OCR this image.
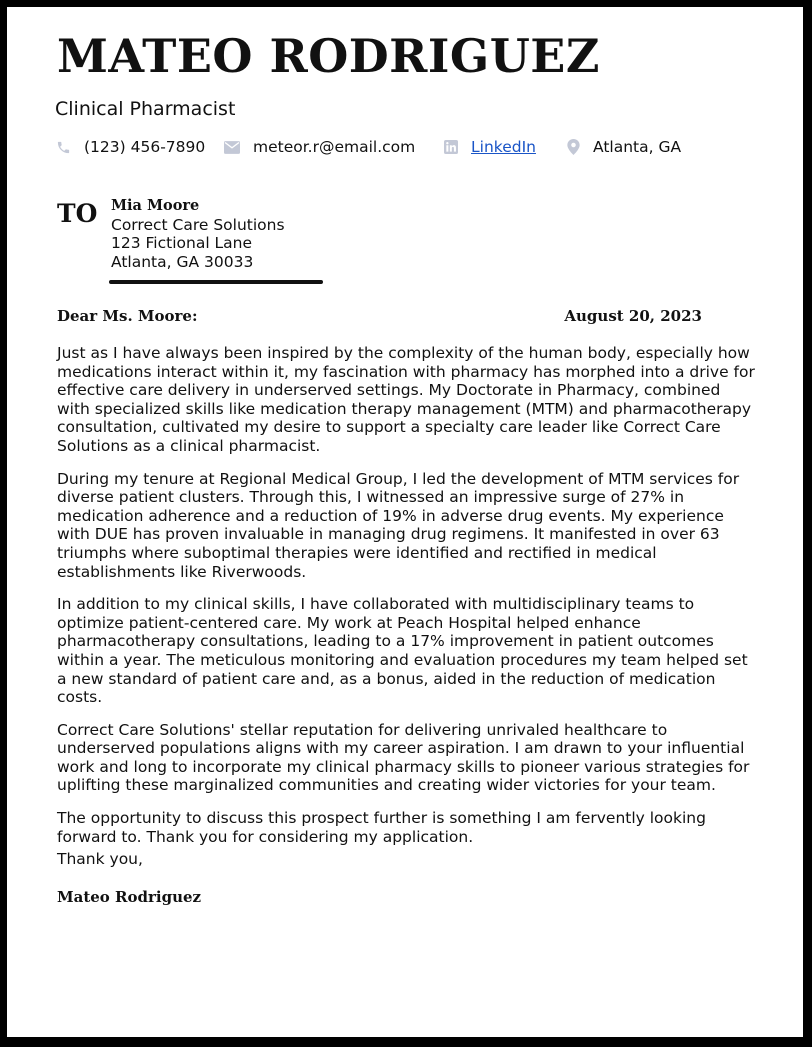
MATEO RODRIGUEZ
Clinical Pharmacist
(123) 456-7890	meteor.r@email.com	LinkedIn	Atlanta, GA
TO Mia Moore
Correct Care Solutions
123 Fictional Lane
Atlanta, GA 30033
Dear Ms. Moore:	August 20, 2023

Just as I have always been inspired by the complexity of the human body, especially how medications interact within it, my fascination with pharmacy has morphed into a drive for effective care delivery in underserved settings. My Doctorate in Pharmacy, combined with specialized skills like medication therapy management (MTM) and pharmacotherapy consultation, cultivated my desire to support a specialty care leader like Correct Care Solutions as a clinical pharmacist.

During my tenure at Regional Medical Group, I led the development of MTM services for diverse patient clusters. Through this, I witnessed an impressive surge of 27% in medication adherence and a reduction of 19% in adverse drug events. My experience with DUE has proven invaluable in managing drug regimens. It manifested in over 63 triumphs where suboptimal therapies were identified and rectified in medical establishments like Riverwoods.

In addition to my clinical skills, I have collaborated with multidisciplinary teams to optimize patient-centered care. My work at Peach Hospital helped enhance pharmacotherapy consultations, leading to a 17% improvement in patient outcomes within a year. The meticulous monitoring and evaluation procedures my team helped set a new standard of patient care and, as a bonus, aided in the reduction of medication costs.

Correct Care Solutions' stellar reputation for delivering unrivaled healthcare to underserved populations aligns with my career aspiration. I am drawn to your influential work and long to incorporate my clinical pharmacy skills to pioneer various strategies for uplifting these marginalized communities and creating wider victories for your team.

The opportunity to discuss this prospect further is something I am fervently looking forward to. Thank you for considering my application.

Thank you,
Mateo Rodriguez
